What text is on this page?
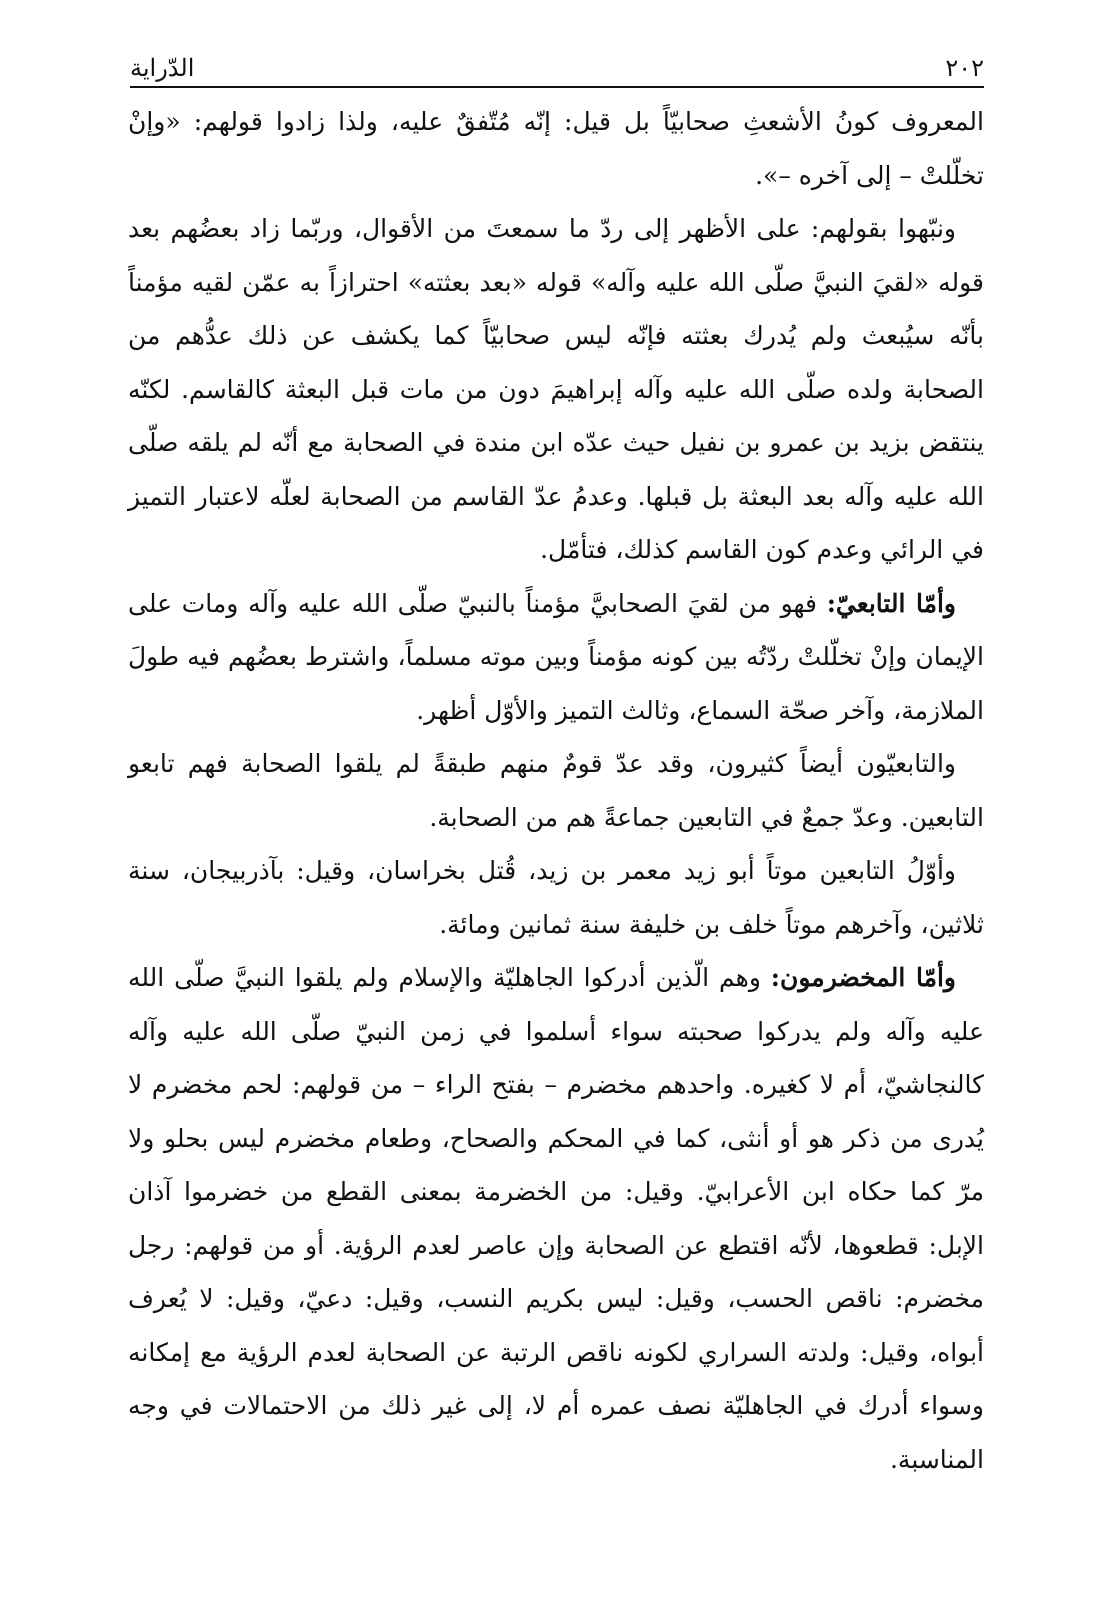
الدّراية	٢٠٢

المعروف كونُ الأشعثِ صحابيّاً بل قيل: إنّه مُتّفقٌ عليه، ولذا زادوا قولهم: «وإنْ تخلّلتْ – إلى آخره –».

ونبّهوا بقولهم: على الأظهر إلى ردّ ما سمعتَ من الأقوال، وربّما زاد بعضُهم بعد قوله «لقيَ النبيَّ صلّى الله عليه وآله» قوله «بعد بعثته» احترازاً به عمّن لقيه مؤمناً بأنّه سيُبعث ولم يُدرك بعثته فإنّه ليس صحابيّاً كما يكشف عن ذلك عدُّهم من الصحابة ولده صلّى الله عليه وآله إبراهيمَ دون من مات قبل البعثة كالقاسم. لكنّه ينتقض بزيد بن عمرو بن نفيل حيث عدّه ابن مندة في الصحابة مع أنّه لم يلقه صلّى الله عليه وآله بعد البعثة بل قبلها. وعدمُ عدّ القاسم من الصحابة لعلّه لاعتبار التميز في الرائي وعدم كون القاسم كذلك، فتأمّل.

وأمّا التابعيّ: فهو من لقيَ الصحابيَّ مؤمناً بالنبيّ صلّى الله عليه وآله ومات على الإيمان وإنْ تخلّلتْ ردّتُه بين كونه مؤمناً وبين موته مسلماً، واشترط بعضُهم فيه طولَ الملازمة، وآخر صحّة السماع، وثالث التميز والأوّل أظهر.

والتابعيّون أيضاً كثيرون، وقد عدّ قومٌ منهم طبقةً لم يلقوا الصحابة فهم تابعو التابعين. وعدّ جمعٌ في التابعين جماعةً هم من الصحابة.

وأوّلُ التابعين موتاً أبو زيد معمر بن زيد، قُتل بخراسان، وقيل: بآذربيجان، سنة ثلاثين، وآخرهم موتاً خلف بن خليفة سنة ثمانين ومائة.

وأمّا المخضرمون: وهم الّذين أدركوا الجاهليّة والإسلام ولم يلقوا النبيَّ صلّى الله عليه وآله ولم يدركوا صحبته سواء أسلموا في زمن النبيّ صلّى الله عليه وآله كالنجاشيّ، أم لا كغيره. واحدهم مخضرم – بفتح الراء – من قولهم: لحم مخضرم لا يُدرى من ذكر هو أو أنثى، كما في المحكم والصحاح، وطعام مخضرم ليس بحلو ولا مرّ كما حكاه ابن الأعرابيّ. وقيل: من الخضرمة بمعنى القطع من خضرموا آذان الإبل: قطعوها، لأنّه اقتطع عن الصحابة وإن عاصر لعدم الرؤية. أو من قولهم: رجل مخضرم: ناقص الحسب، وقيل: ليس بكريم النسب، وقيل: دعيّ، وقيل: لا يُعرف أبواه، وقيل: ولدته السراري لكونه ناقص الرتبة عن الصحابة لعدم الرؤية مع إمكانه وسواء أدرك في الجاهليّة نصف عمره أم لا، إلى غير ذلك من الاحتمالات في وجه المناسبة.
